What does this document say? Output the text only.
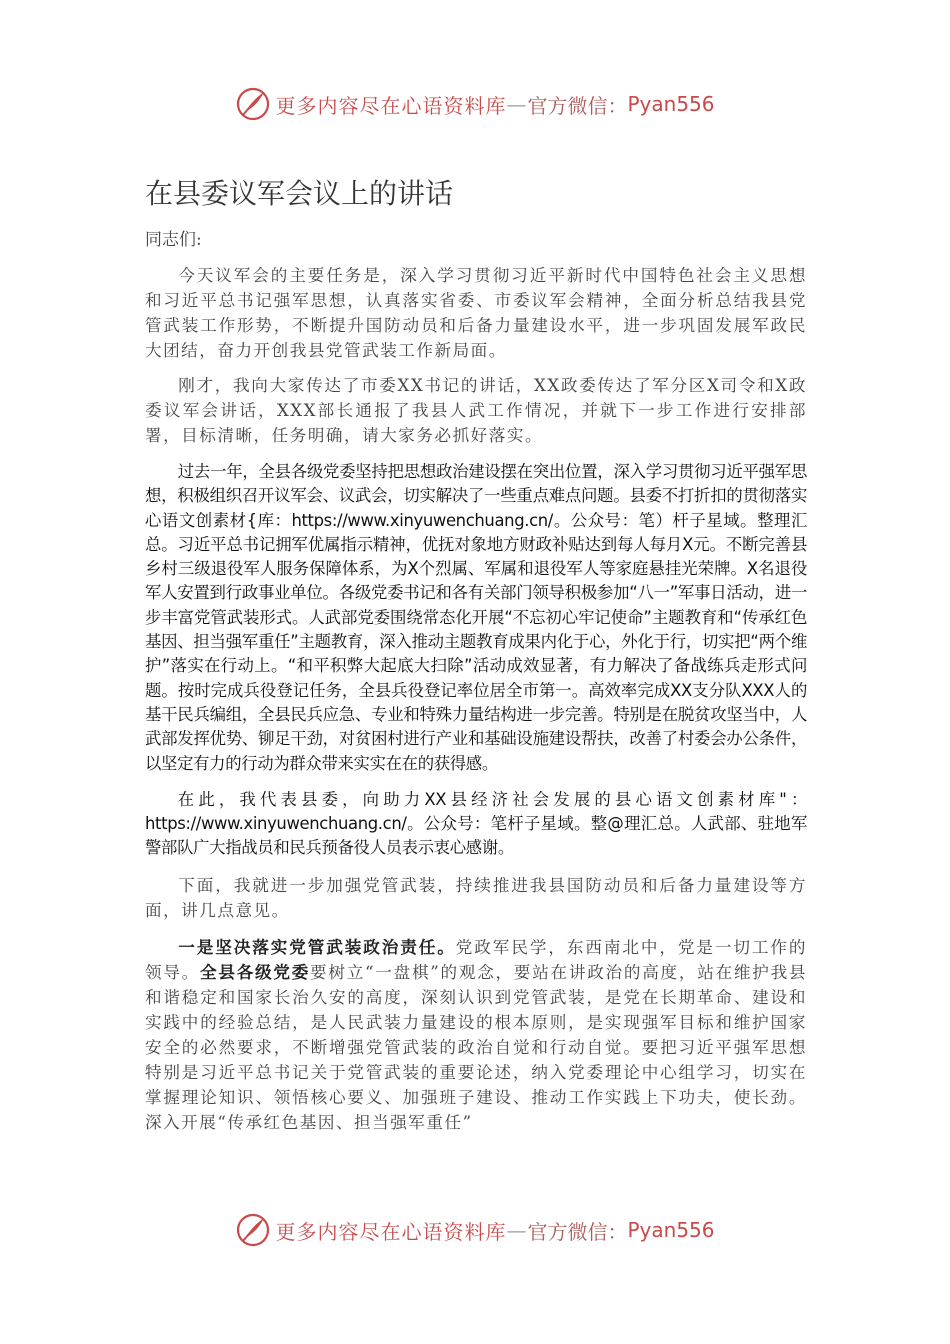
更多内容尽在心语资料库 — 官方微信： Pyan556
在县委议军会议上的讲话
同志们:

今天议军会的主要任务是，深入学习贯彻习近平新时代中国特色社会主义思想和习近平总书记强军思想，认真落实省委、市委议军会精神，全面分析总结我县党管武装工作形势，不断提升国防动员和后备力量建设水平，进一步巩固发展军政民大团结，奋力开创我县党管武装工作新局面。

刚才，我向大家传达了市委XX书记的讲话，XX政委传达了军分区X司令和X政委议军会讲话，XXX部长通报了我县人武工作情况，并就下一步工作进行安排部署，目标清晰，任务明确，请大家务必抓好落实。

过去一年，全县各级党委坚持把思想政治建设摆在突出位置，深入学习贯彻习近平强军思想，积极组织召开议军会、议武会，切实解决了一些重点难点问题。县委不打折扣的贯彻落实心语文创素材{库：https://www.xinyuwenchuang.cn/。公众号：笔）杆子星域。整理汇总。习近平总书记拥军优属指示精神，优抚对象地方财政补贴达到每人每月X元。不断完善县乡村三级退役军人服务保障体系，为X个烈属、军属和退役军人等家庭悬挂光荣牌。X名退役军人安置到行政事业单位。各级党委书记和各有关部门领导积极参加“八一”军事日活动，进一步丰富党管武装形式。人武部党委围绕常态化开展“不忘初心牢记使命”主题教育和“传承红色基因、担当强军重任”主题教育，深入推动主题教育成果内化于心，外化于行，切实把“两个维护”落实在行动上。“和平积弊大起底大扫除”活动成效显著，有力解决了备战练兵走形式问题。按时完成兵役登记任务，全县兵役登记率位居全市第一。高效率完成XX支分队XXX人的基干民兵编组，全县民兵应急、专业和特殊力量结构进一步完善。特别是在脱贫攻坚当中，人武部发挥优势、铆足干劲，对贫困村进行产业和基础设施建设帮扶，改善了村委会办公条件，以坚定有力的行动为群众带来实实在在的获得感。

在此，我代表县委，向助力XX县经济社会发展的县心语文创素材库"：https://www.xinyuwenchuang.cn/。公众号：笔杆子星域。整@理汇总。人武部、驻地军警部队广大指战员和民兵预备役人员表示衷心感谢。

下面，我就进一步加强党管武装，持续推进我县国防动员和后备力量建设等方面，讲几点意见。

一是坚决落实党管武装政治责任。党政军民学，东西南北中，党是一切工作的领导。全县各级党委要树立“一盘棋”的观念，要站在讲政治的高度，站在维护我县和谐稳定和国家长治久安的高度，深刻认识到党管武装，是党在长期革命、建设和实践中的经验总结，是人民武装力量建设的根本原则，是实现强军目标和维护国家安全的必然要求，不断增强党管武装的政治自觉和行动自觉。要把习近平强军思想特别是习近平总书记关于党管武装的重要论述，纳入党委理论中心组学习，切实在掌握理论知识、领悟核心要义、加强班子建设、推动工作实践上下功夫，使长劲。深入开展“传承红色基因、担当强军重任”

更多内容尽在心语资料库 — 官方微信： Pyan556
